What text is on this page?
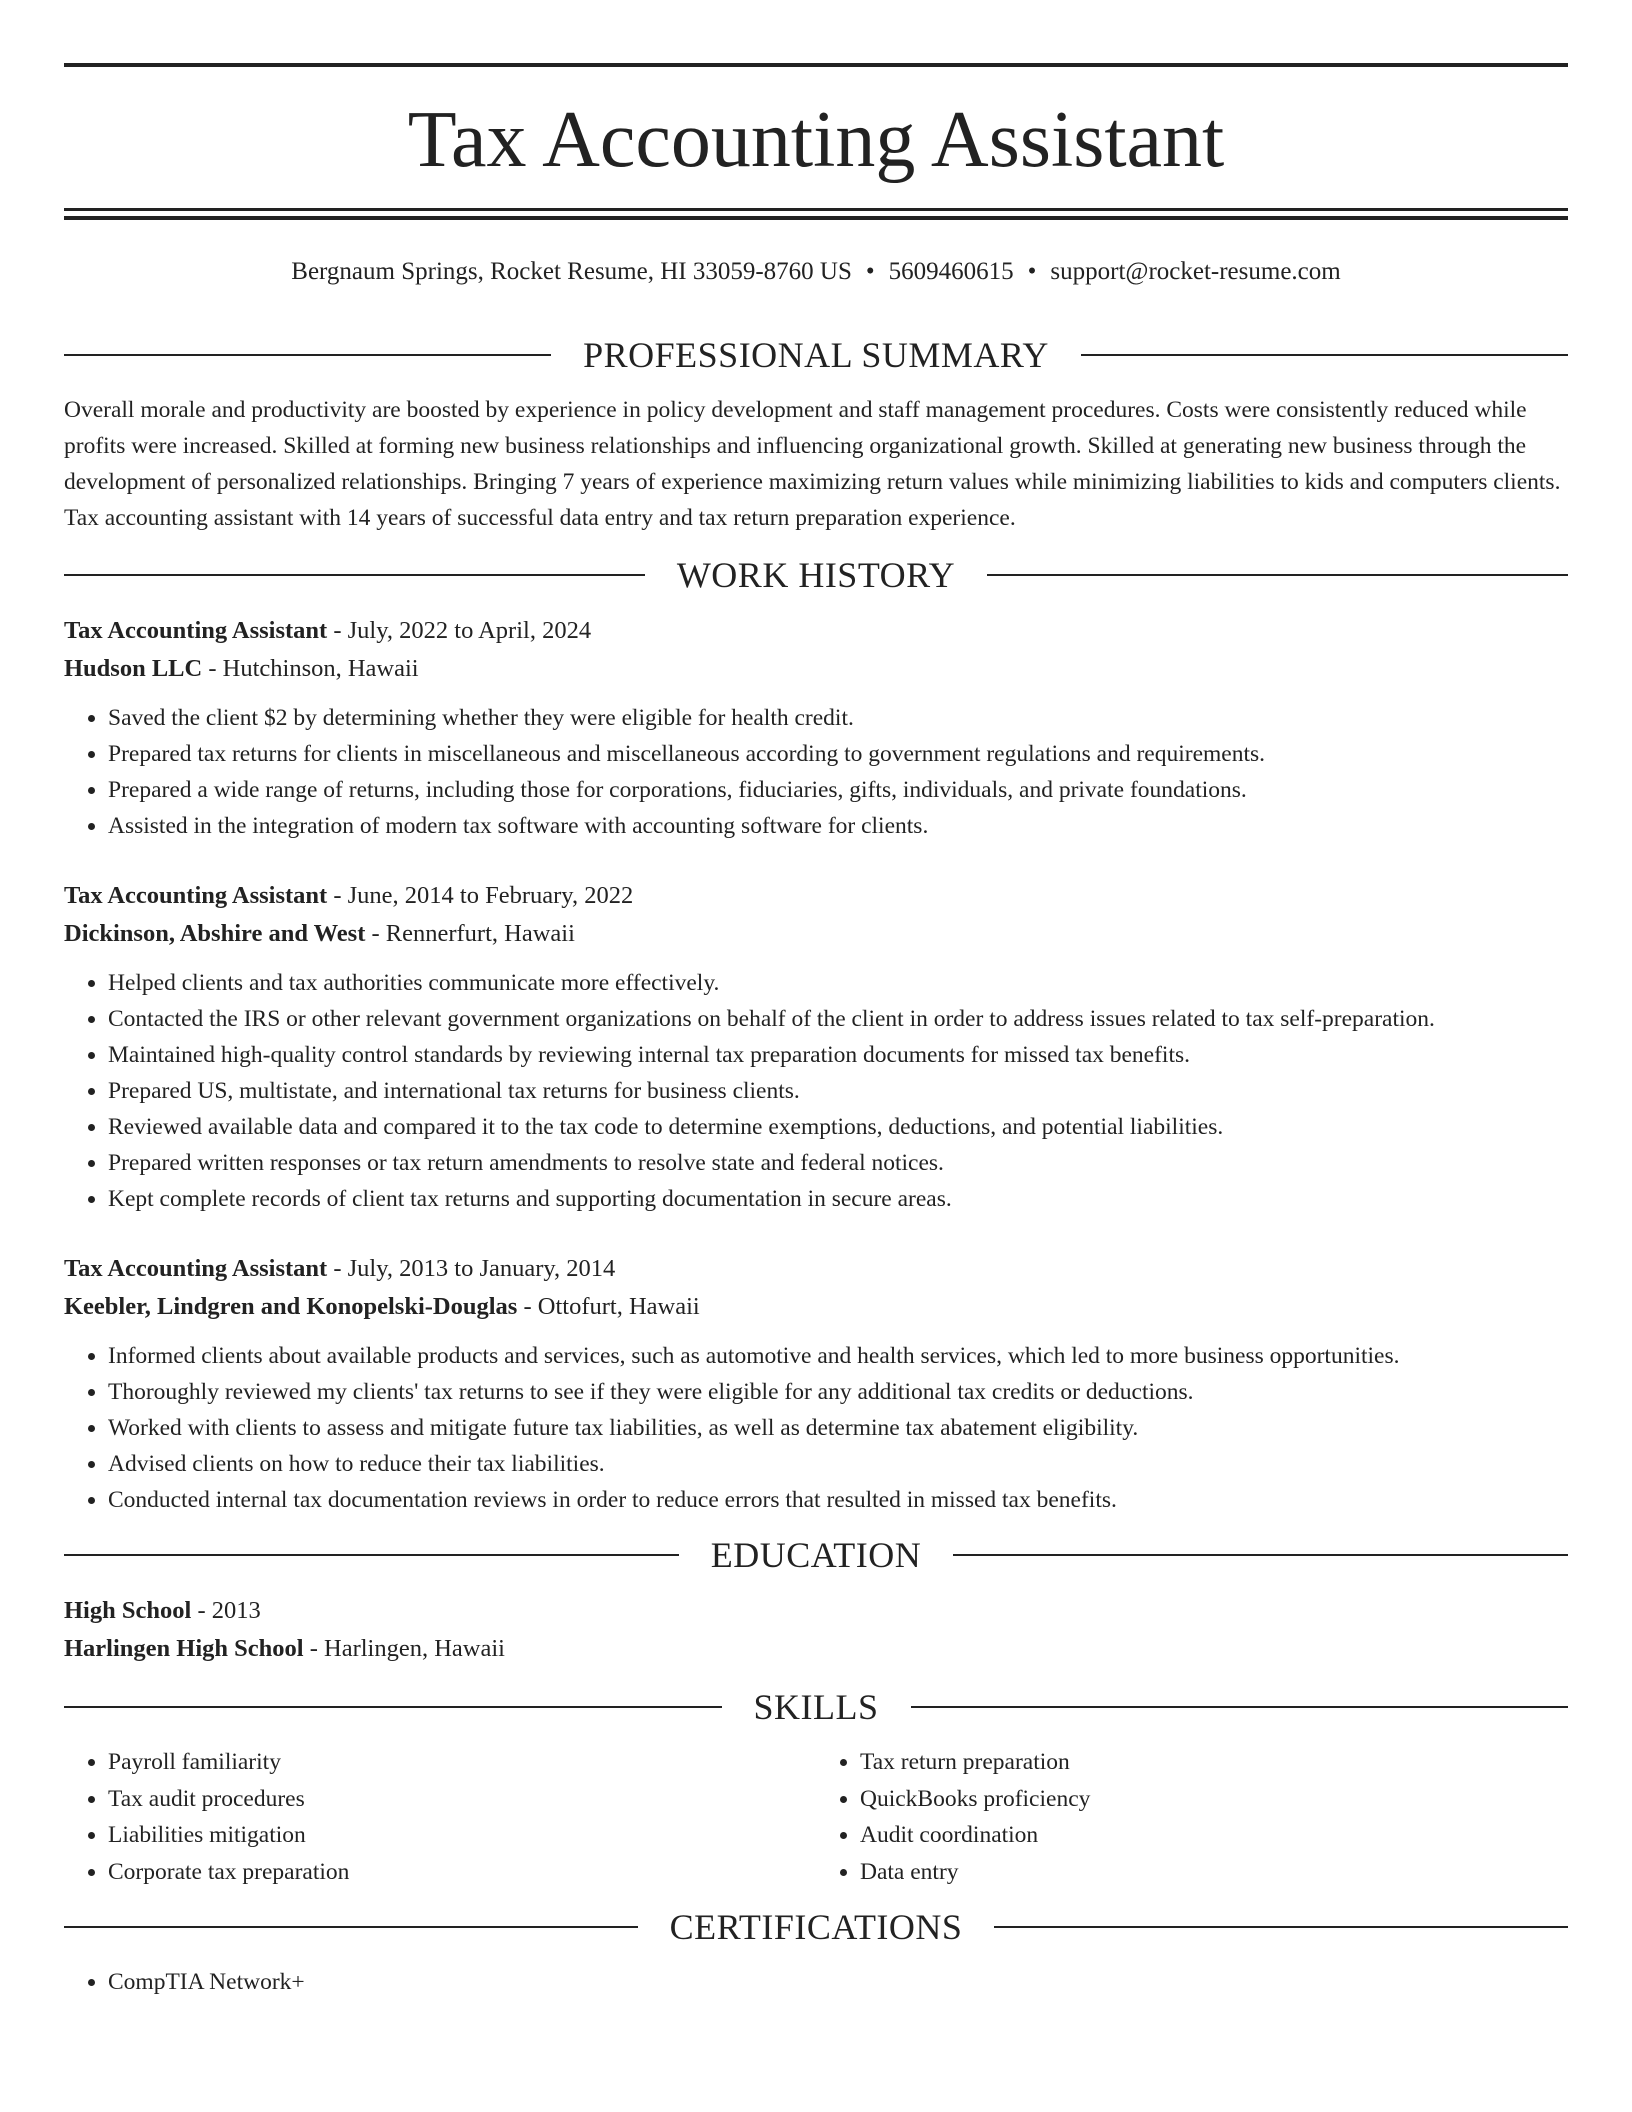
Tax Accounting Assistant
Bergnaum Springs, Rocket Resume, HI 33059-8760 US • 5609460615 • support@rocket-resume.com
PROFESSIONAL SUMMARY

Overall morale and productivity are boosted by experience in policy development and staff management procedures. Costs were consistently reduced while profits were increased. Skilled at forming new business relationships and influencing organizational growth. Skilled at generating new business through the development of personalized relationships. Bringing 7 years of experience maximizing return values while minimizing liabilities to kids and computers clients. Tax accounting assistant with 14 years of successful data entry and tax return preparation experience.

WORK HISTORY
Tax Accounting Assistant - July, 2022 to April, 2024
Hudson LLC - Hutchinson, Hawaii
• Saved the client $2 by determining whether they were eligible for health credit.
• Prepared tax returns for clients in miscellaneous and miscellaneous according to government regulations and requirements.
• Prepared a wide range of returns, including those for corporations, fiduciaries, gifts, individuals, and private foundations.
• Assisted in the integration of modern tax software with accounting software for clients.
Tax Accounting Assistant - June, 2014 to February, 2022
Dickinson, Abshire and West - Rennerfurt, Hawaii
• Helped clients and tax authorities communicate more effectively.
• Contacted the IRS or other relevant government organizations on behalf of the client in order to address issues related to tax self-preparation.
• Maintained high-quality control standards by reviewing internal tax preparation documents for missed tax benefits.
• Prepared US, multistate, and international tax returns for business clients.
• Reviewed available data and compared it to the tax code to determine exemptions, deductions, and potential liabilities.
• Prepared written responses or tax return amendments to resolve state and federal notices.
• Kept complete records of client tax returns and supporting documentation in secure areas.
Tax Accounting Assistant - July, 2013 to January, 2014
Keebler, Lindgren and Konopelski-Douglas - Ottofurt, Hawaii
• Informed clients about available products and services, such as automotive and health services, which led to more business opportunities.
• Thoroughly reviewed my clients' tax returns to see if they were eligible for any additional tax credits or deductions.
• Worked with clients to assess and mitigate future tax liabilities, as well as determine tax abatement eligibility.
• Advised clients on how to reduce their tax liabilities.
• Conducted internal tax documentation reviews in order to reduce errors that resulted in missed tax benefits.
EDUCATION
High School - 2013
Harlingen High School - Harlingen, Hawaii
SKILLS
• Payroll familiarity
• Tax audit procedures
• Liabilities mitigation
• Corporate tax preparation
• Tax return preparation
• QuickBooks proficiency
• Audit coordination
• Data entry
CERTIFICATIONS
• CompTIA Network+
